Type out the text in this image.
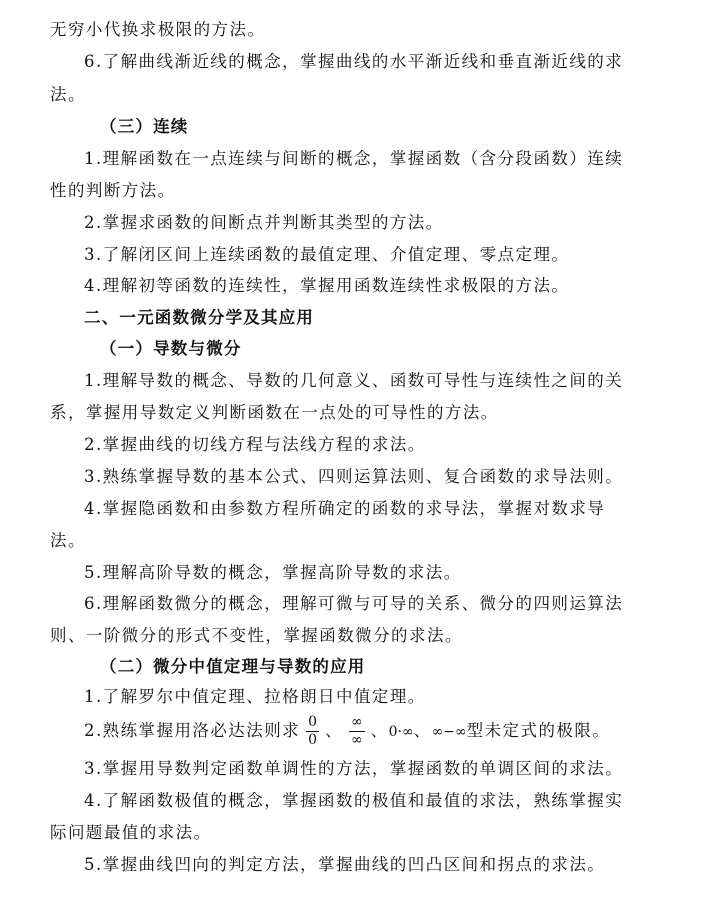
无穷小代换求极限的方法。
6.了解曲线渐近线的概念，掌握曲线的水平渐近线和垂直渐近线的求
法。
（三）连续
1.理解函数在一点连续与间断的概念，掌握函数（含分段函数）连续
性的判断方法。
2.掌握求函数的间断点并判断其类型的方法。
3.了解闭区间上连续函数的最值定理、介值定理、零点定理。
4.理解初等函数的连续性，掌握用函数连续性求极限的方法。
二、一元函数微分学及其应用
（一）导数与微分
1.理解导数的概念、导数的几何意义、函数可导性与连续性之间的关
系，掌握用导数定义判断函数在一点处的可导性的方法。
2.掌握曲线的切线方程与法线方程的求法。
3.熟练掌握导数的基本公式、四则运算法则、复合函数的求导法则。
4.掌握隐函数和由参数方程所确定的函数的求导法，掌握对数求导
法。
5.理解高阶导数的概念，掌握高阶导数的求法。
6.理解函数微分的概念，理解可微与可导的关系、微分的四则运算法
则、一阶微分的形式不变性，掌握函数微分的求法。
（二）微分中值定理与导数的应用
1.了解罗尔中值定理、拉格朗日中值定理。
2.熟练掌握用洛必达法则求 $\frac{0}{0}$ 、 $\frac{\infty}{\infty}$ 、0·∞、∞−∞型未定式的极限。
3.掌握用导数判定函数单调性的方法，掌握函数的单调区间的求法。
4.了解函数极值的概念，掌握函数的极值和最值的求法，熟练掌握实
际问题最值的求法。
5.掌握曲线凹向的判定方法，掌握曲线的凹凸区间和拐点的求法。
